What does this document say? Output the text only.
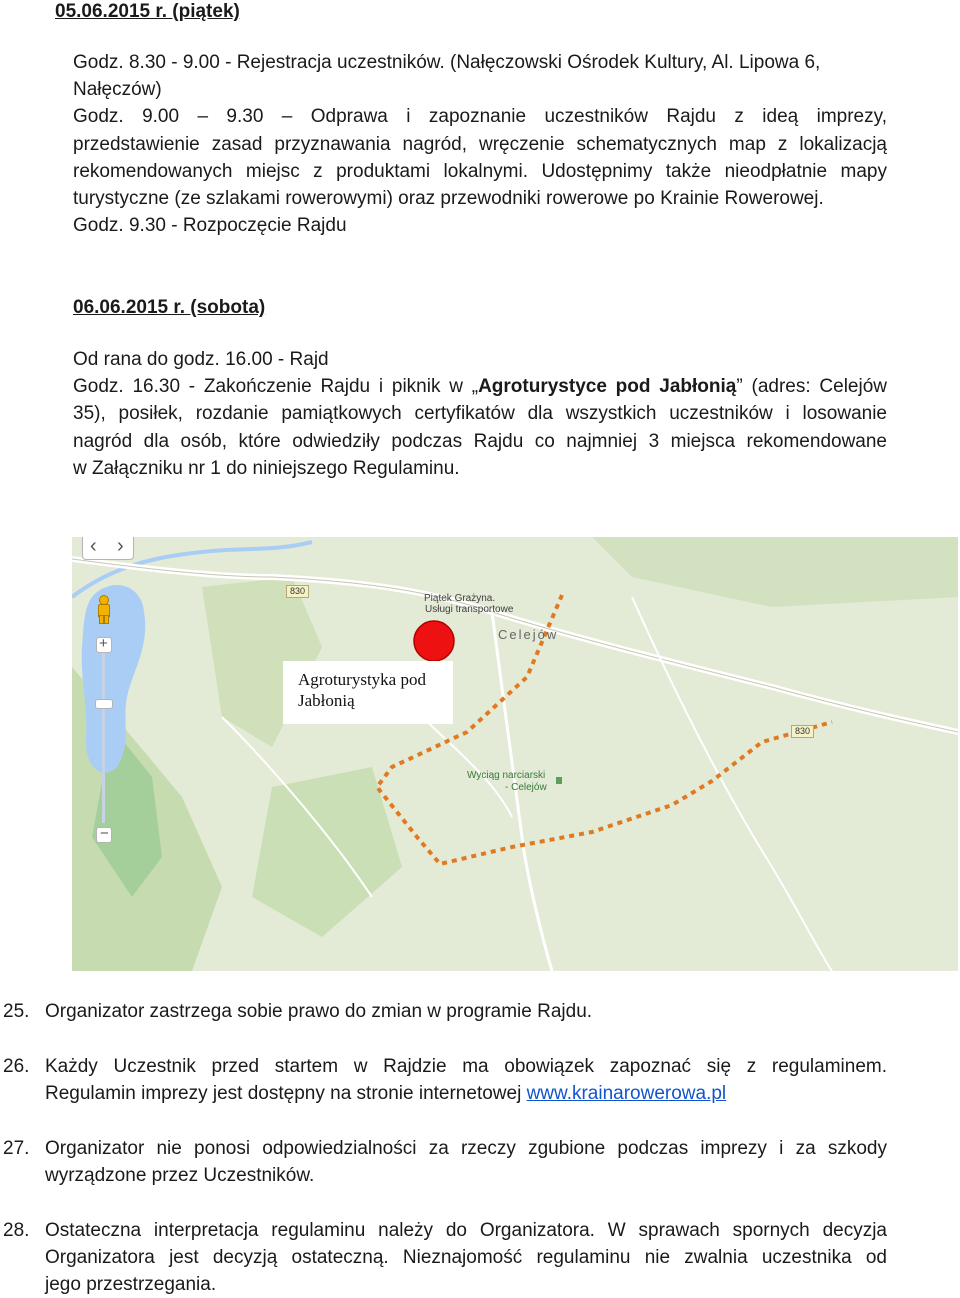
05.06.2015 r. (piątek)
Godz. 8.30 - 9.00 - Rejestracja uczestników. (Nałęczowski Ośrodek Kultury, Al. Lipowa 6,
Nałęczów)
Godz. 9.00 – 9.30 – Odprawa i zapoznanie uczestników Rajdu z ideą imprezy,
przedstawienie zasad przyznawania nagród, wręczenie schematycznych map z lokalizacją
rekomendowanych miejsc z produktami lokalnymi. Udostępnimy także nieodpłatnie mapy
turystyczne (ze szlakami rowerowymi) oraz przewodniki rowerowe po Krainie Rowerowej.
Godz. 9.30 - Rozpoczęcie Rajdu
06.06.2015 r. (sobota)
Od rana do godz. 16.00 - Rajd
Godz. 16.30 - Zakończenie Rajdu i piknik w „Agroturystyce pod Jabłonią” (adres: Celejów
35), posiłek, rozdanie pamiątkowych certyfikatów dla wszystkich uczestników i losowanie
nagród dla osób, które odwiedziły podczas Rajdu co najmniej 3 miejsca rekomendowane
w Załączniku nr 1 do niniejszego Regulaminu.
‹ ›
+
−
830
830
Piątek Grażyna.
Usługi transportowe
Celejów
Wyciąg narciarski
- Celejów
Agroturystyka pod
Jabłonią
25. Organizator zastrzega sobie prawo do zmian w programie Rajdu.
26. Każdy Uczestnik przed startem w Rajdzie ma obowiązek zapoznać się z regulaminem.
Regulamin imprezy jest dostępny na stronie internetowej www.krainarowerowa.pl
27. Organizator nie ponosi odpowiedzialności za rzeczy zgubione podczas imprezy i za szkody
wyrządzone przez Uczestników.
28. Ostateczna interpretacja regulaminu należy do Organizatora. W sprawach spornych decyzja
Organizatora jest decyzją ostateczną. Nieznajomość regulaminu nie zwalnia uczestnika od
jego przestrzegania.
